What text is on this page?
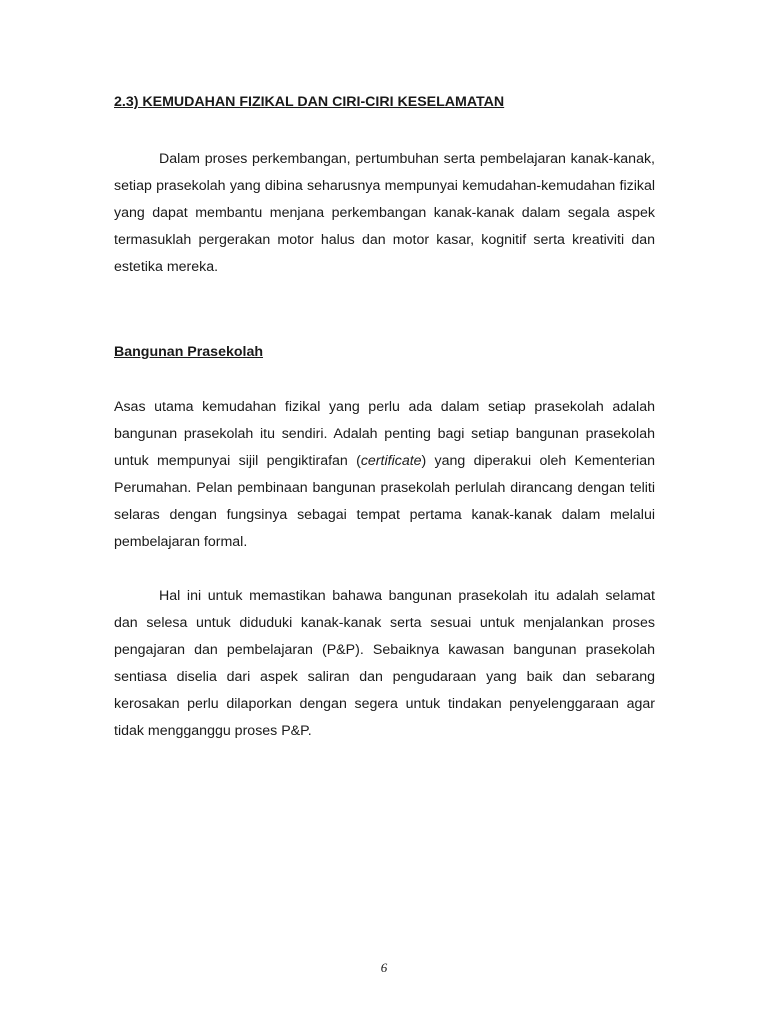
2.3) KEMUDAHAN FIZIKAL DAN CIRI-CIRI KESELAMATAN

Dalam proses perkembangan, pertumbuhan serta pembelajaran kanak-kanak, setiap prasekolah yang dibina seharusnya mempunyai kemudahan-kemudahan fizikal yang dapat membantu menjana perkembangan kanak-kanak dalam segala aspek termasuklah pergerakan motor halus dan motor kasar, kognitif serta kreativiti dan estetika mereka.

Bangunan Prasekolah

Asas utama kemudahan fizikal yang perlu ada dalam setiap prasekolah adalah bangunan prasekolah itu sendiri. Adalah penting bagi setiap bangunan prasekolah untuk mempunyai sijil pengiktirafan (certificate) yang diperakui oleh Kementerian Perumahan. Pelan pembinaan bangunan prasekolah perlulah dirancang dengan teliti selaras dengan fungsinya sebagai tempat pertama kanak-kanak dalam melalui pembelajaran formal.

Hal ini untuk memastikan bahawa bangunan prasekolah itu adalah selamat dan selesa untuk diduduki kanak-kanak serta sesuai untuk menjalankan proses pengajaran dan pembelajaran (P&P). Sebaiknya kawasan bangunan prasekolah sentiasa diselia dari aspek saliran dan pengudaraan yang baik dan sebarang kerosakan perlu dilaporkan dengan segera untuk tindakan penyelenggaraan agar tidak mengganggu proses P&P.

6
